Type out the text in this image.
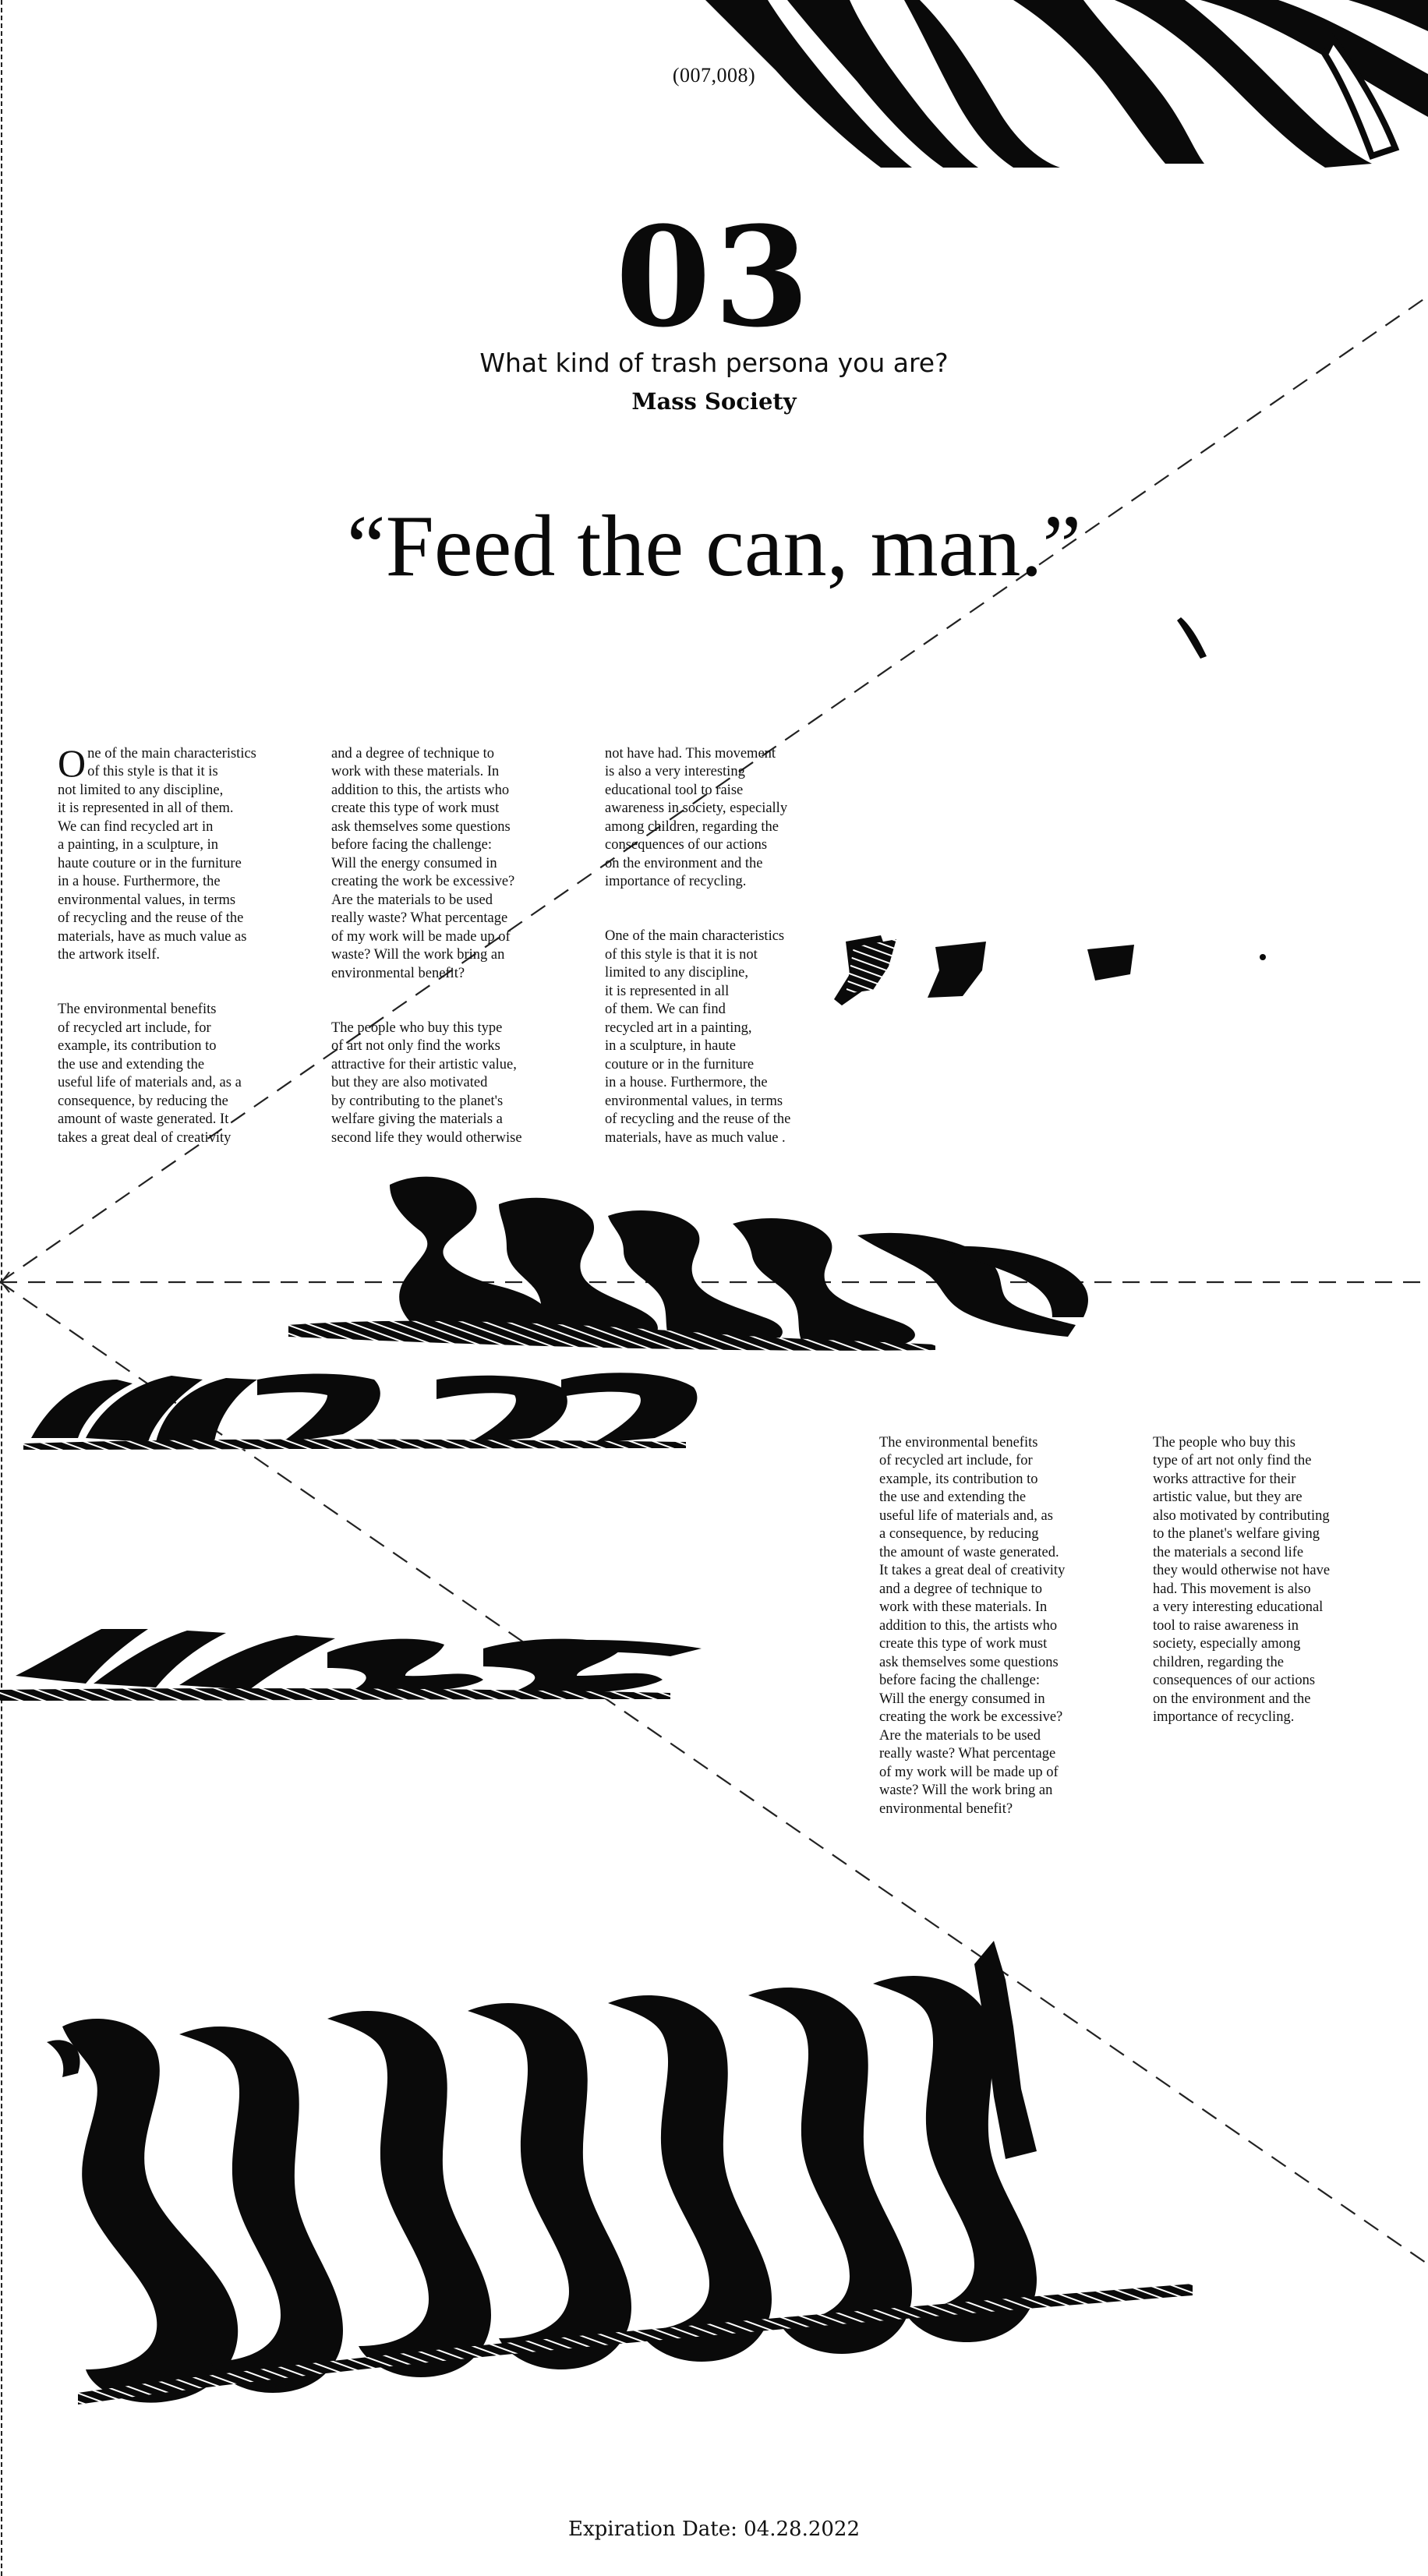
(007,008)
03
What kind of trash persona you are?
Mass Society
“Feed the can, man.”

One of the main characteristics
of this style is that it is
not limited to any discipline,
it is represented in all of them.
We can find recycled art in
a painting, in a sculpture, in
haute couture or in the furniture
in a house. Furthermore, the
environmental values, in terms
of recycling and the reuse of the
materials, have as much value as
the artwork itself.

The environmental benefits
of recycled art include, for
example, its contribution to
the use and extending the
useful life of materials and, as a
consequence, by reducing the
amount of waste generated. It
takes a great deal of creativity

and a degree of technique to
work with these materials. In
addition to this, the artists who
create this type of work must
ask themselves some questions
before facing the challenge:
Will the energy consumed in
creating the work be excessive?
Are the materials to be used
really waste? What percentage
of my work will be made up of
waste? Will the work bring an
environmental benefit?

The people who buy this type
of art not only find the works
attractive for their artistic value,
but they are also motivated
by contributing to the planet's
welfare giving the materials a
second life they would otherwise

not have had. This movement
is also a very interesting
educational tool to raise
awareness in society, especially
among children, regarding the
consequences of our actions
on the environment and the
importance of recycling.

One of the main characteristics
of this style is that it is not
limited to any discipline,
it is represented in all
of them. We can find
recycled art in a painting,
in a sculpture, in haute
couture or in the furniture
in a house. Furthermore, the
environmental values, in terms
of recycling and the reuse of the
materials, have as much value .

The environmental benefits
of recycled art include, for
example, its contribution to
the use and extending the
useful life of materials and, as
a consequence, by reducing
the amount of waste generated.
It takes a great deal of creativity
and a degree of technique to
work with these materials. In
addition to this, the artists who
create this type of work must
ask themselves some questions
before facing the challenge:
Will the energy consumed in
creating the work be excessive?
Are the materials to be used
really waste? What percentage
of my work will be made up of
waste? Will the work bring an
environmental benefit?

The people who buy this
type of art not only find the
works attractive for their
artistic value, but they are
also motivated by contributing
to the planet's welfare giving
the materials a second life
they would otherwise not have
had. This movement is also
a very interesting educational
tool to raise awareness in
society, especially among
children, regarding the
consequences of our actions
on the environment and the
importance of recycling.

Expiration Date: 04.28.2022
